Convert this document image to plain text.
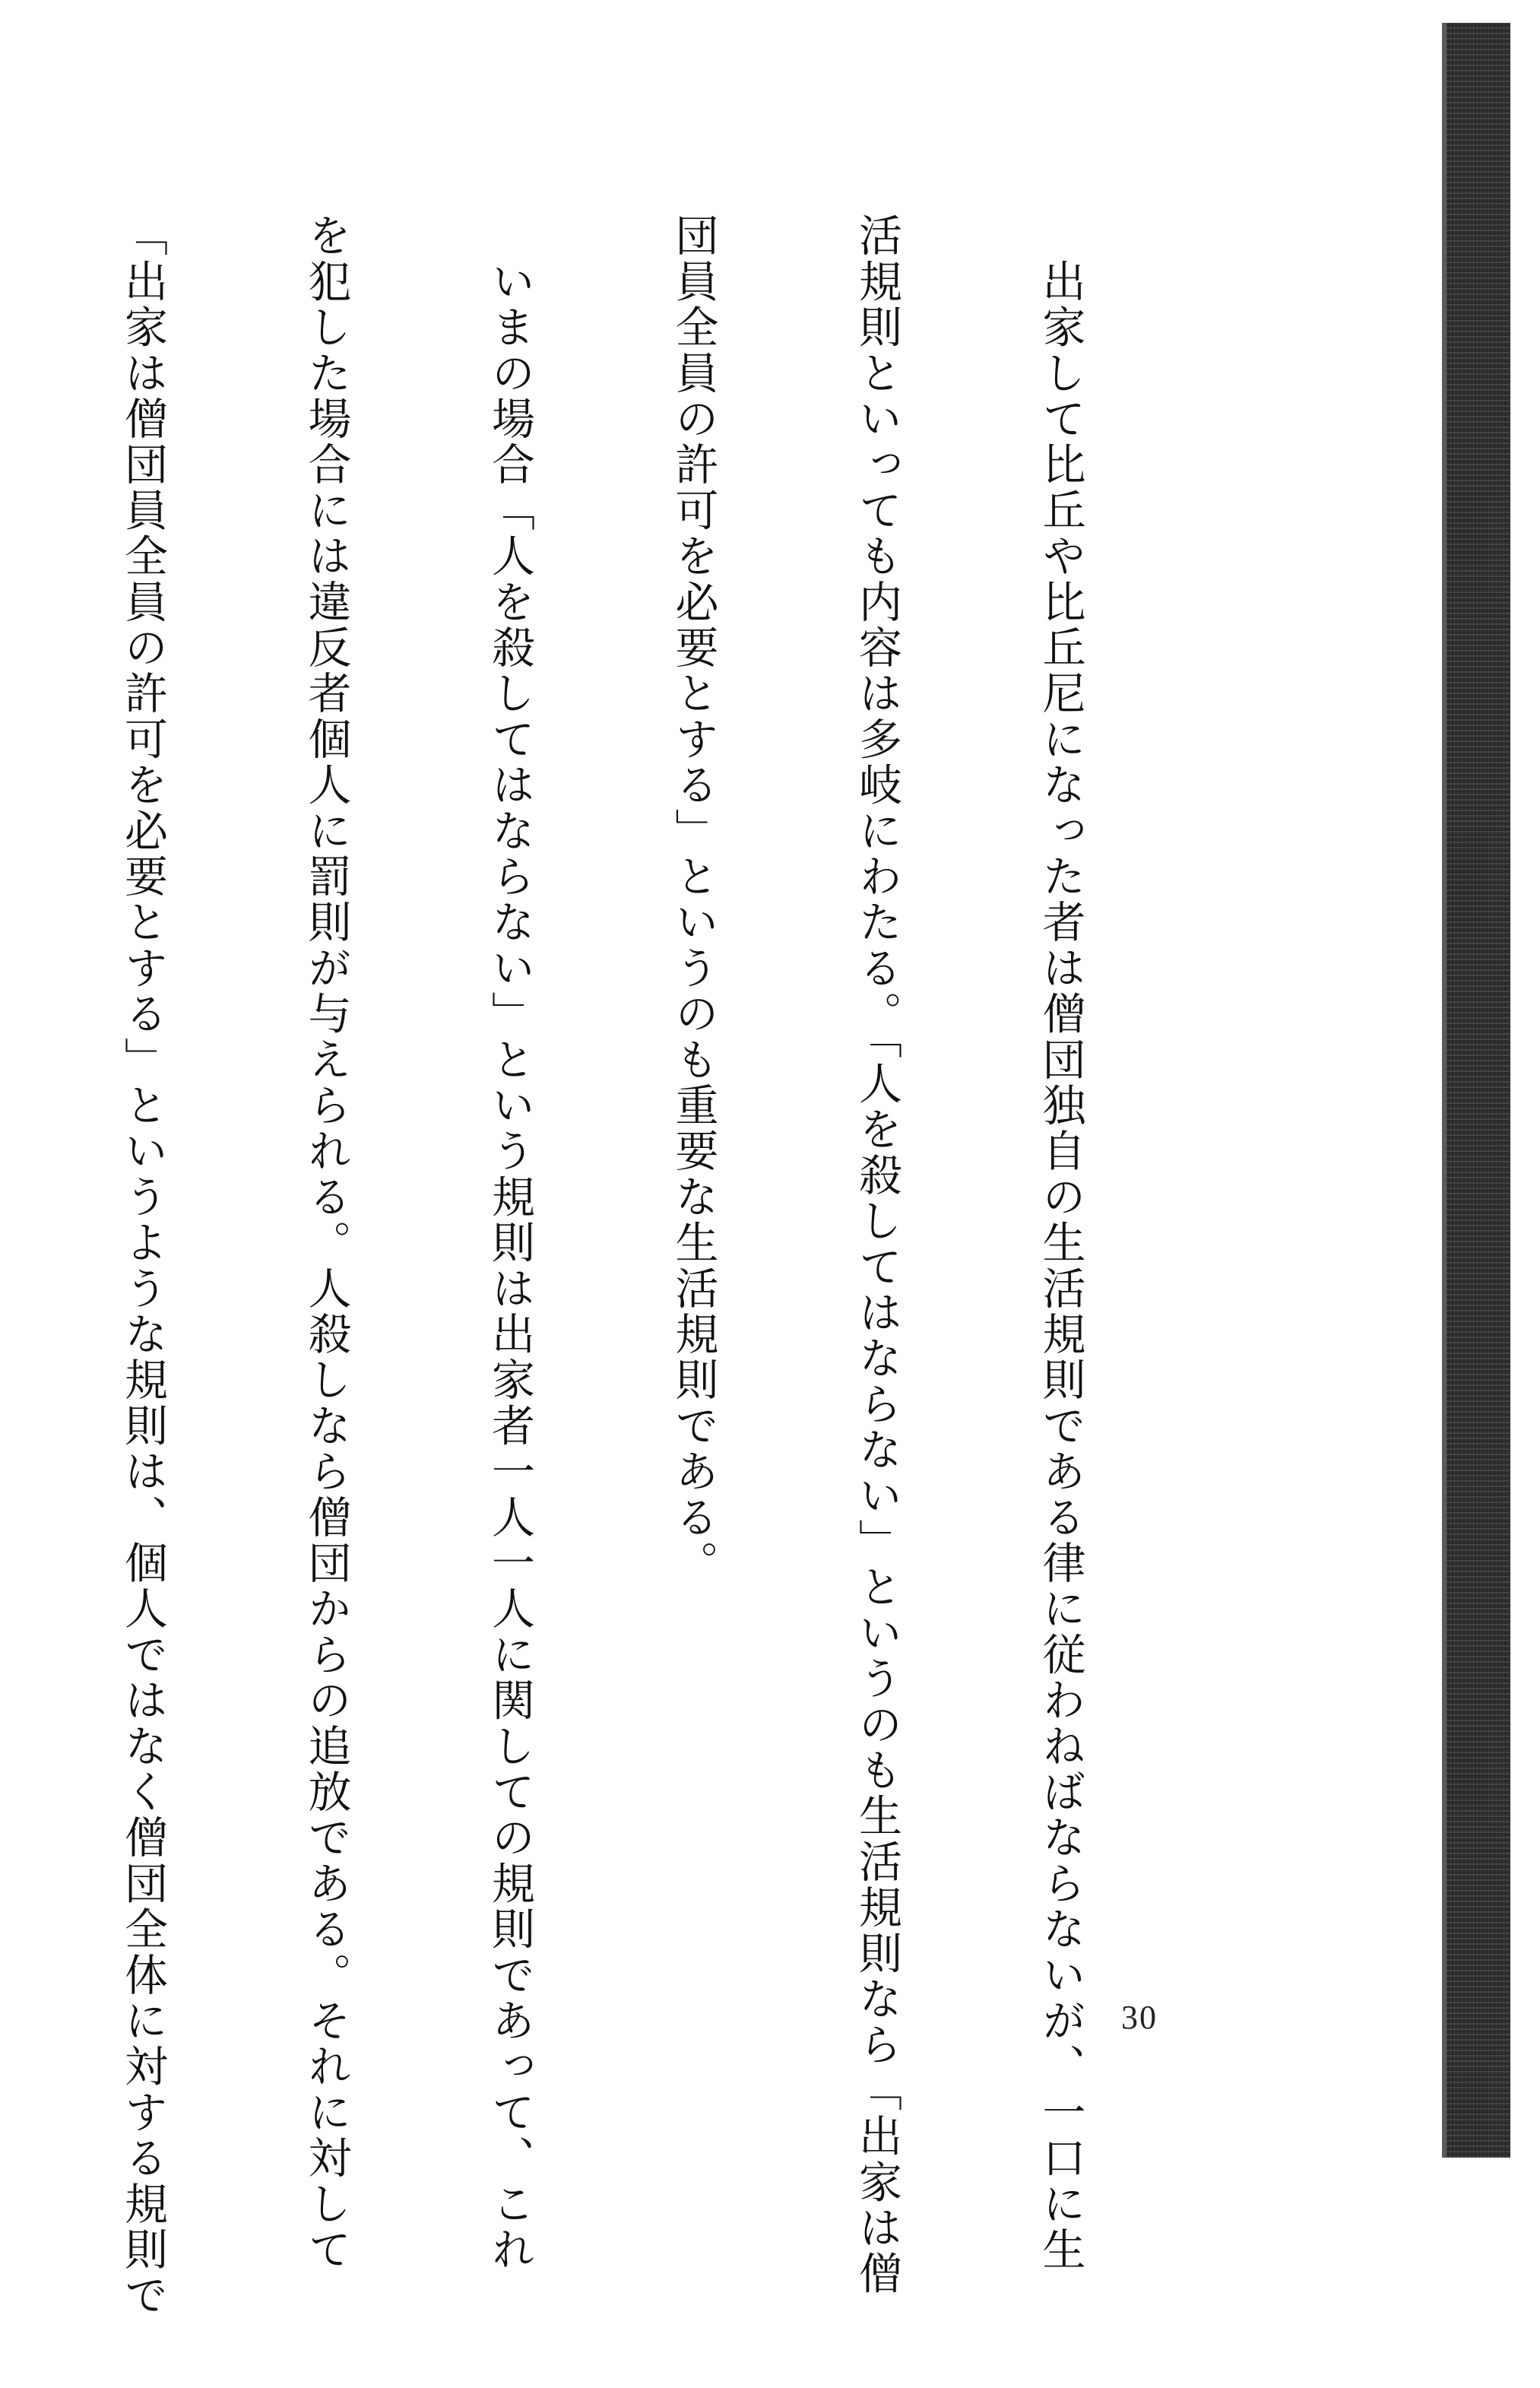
　出家して比丘や比丘尼になった者は僧団独自の生活規則である律に従わねばならないが、一口に生

活規則といっても内容は多岐にわたる。「人を殺してはならない」というのも生活規則なら「出家は僧

団員全員の許可を必要とする」というのも重要な生活規則である。

　いまの場合「人を殺してはならない」という規則は出家者一人一人に関しての規則であって、これ

を犯した場合には違反者個人に罰則が与えられる。人殺しなら僧団からの追放である。それに対して

「出家は僧団員全員の許可を必要とする」というような規則は、個人ではなく僧団全体に対する規則で

	30
